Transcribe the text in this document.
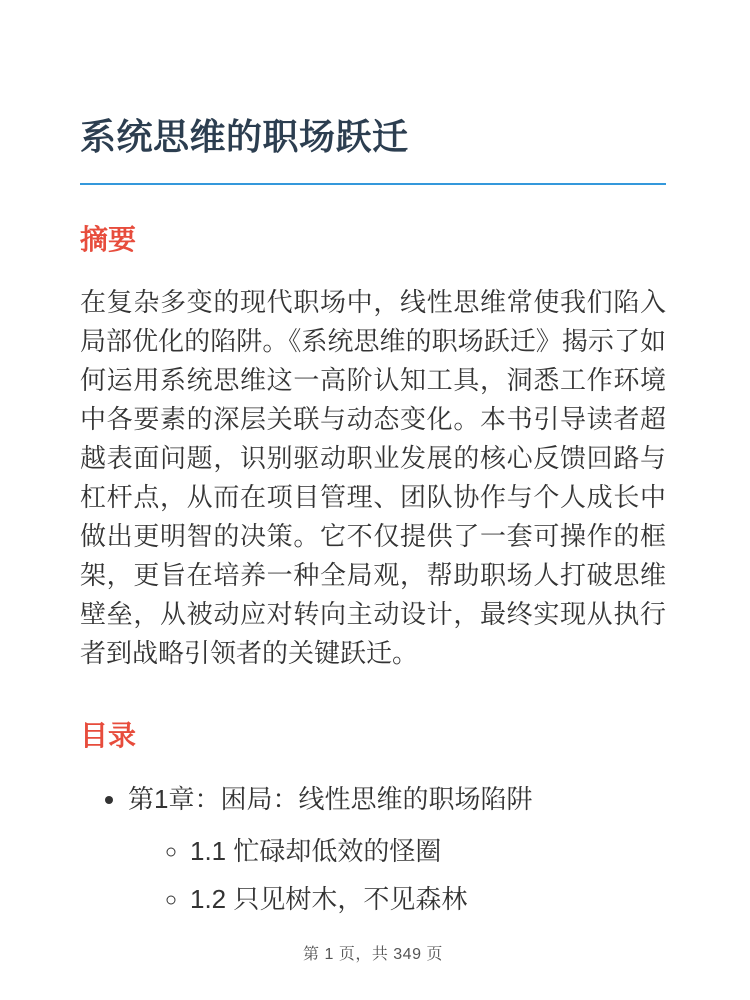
系统思维的职场跃迁
摘要

在复杂多变的现代职场中，线性思维常使我们陷入局部优化的陷阱。《系统思维的职场跃迁》揭示了如何运用系统思维这一高阶认知工具，洞悉工作环境中各要素的深层关联与动态变化。本书引导读者超越表面问题，识别驱动职业发展的核心反馈回路与杠杆点，从而在项目管理、团队协作与个人成长中做出更明智的决策。它不仅提供了一套可操作的框架，更旨在培养一种全局观，帮助职场人打破思维壁垒，从被动应对转向主动设计，最终实现从执行者到战略引领者的关键跃迁。

目录
• 第1章：困局：线性思维的职场陷阱
◦ 1.1 忙碌却低效的怪圈
◦ 1.2 只见树木，不见森林
第 1 页，共 349 页
